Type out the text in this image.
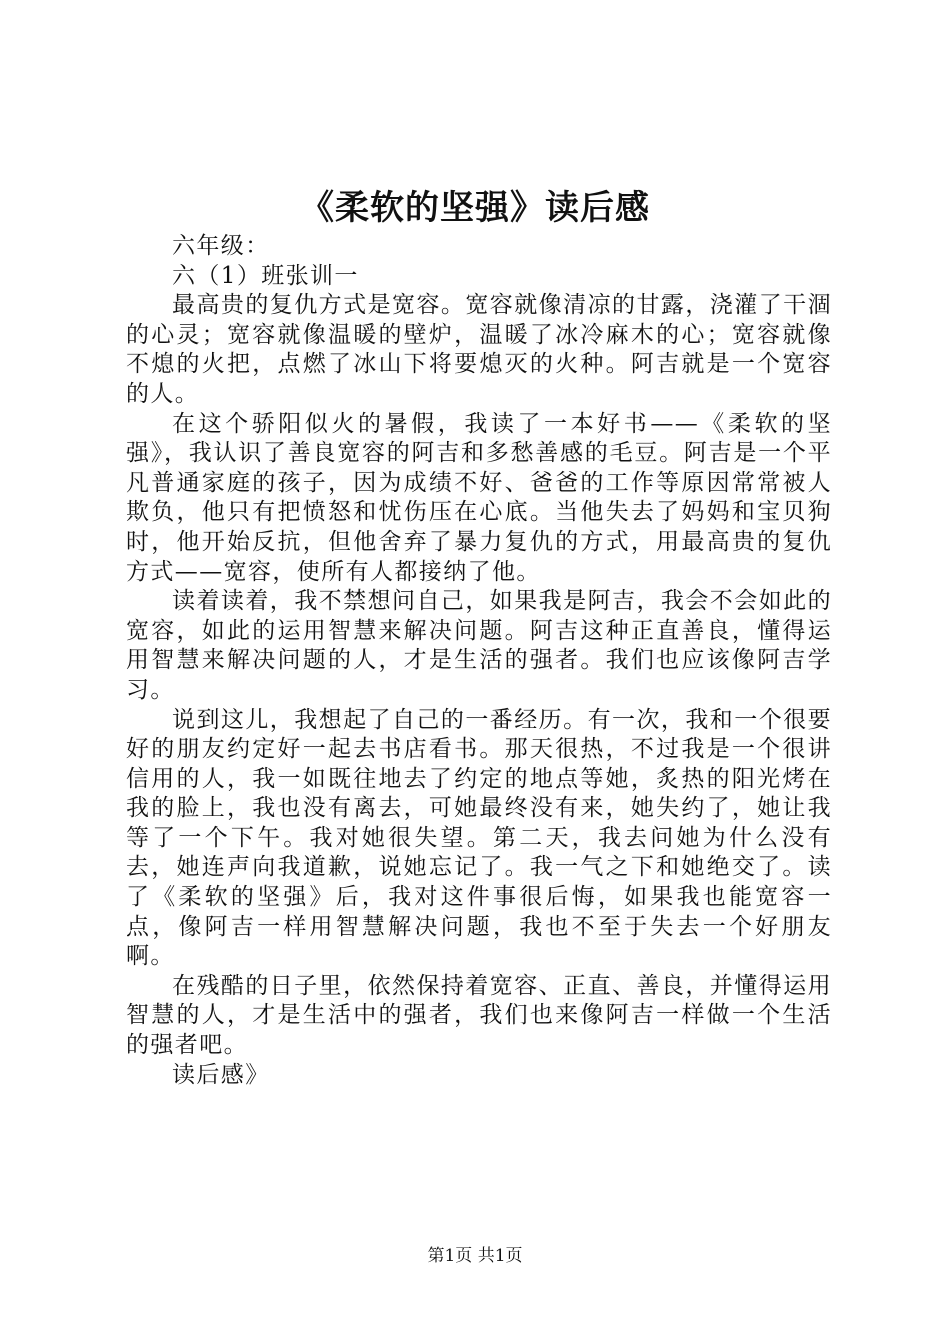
《柔软的坚强》读后感

六年级：

六（1）班张训一

最高贵的复仇方式是宽容。宽容就像清凉的甘露，浇灌了干涸的心灵；宽容就像温暖的壁炉，温暖了冰冷麻木的心；宽容就像不熄的火把，点燃了冰山下将要熄灭的火种。阿吉就是一个宽容的人。

在这个骄阳似火的暑假，我读了一本好书——《柔软的坚强》，我认识了善良宽容的阿吉和多愁善感的毛豆。阿吉是一个平凡普通家庭的孩子，因为成绩不好、爸爸的工作等原因常常被人欺负，他只有把愤怒和忧伤压在心底。当他失去了妈妈和宝贝狗时，他开始反抗，但他舍弃了暴力复仇的方式，用最高贵的复仇方式——宽容，使所有人都接纳了他。

读着读着，我不禁想问自己，如果我是阿吉，我会不会如此的宽容，如此的运用智慧来解决问题。阿吉这种正直善良，懂得运用智慧来解决问题的人，才是生活的强者。我们也应该像阿吉学习。

说到这儿，我想起了自己的一番经历。有一次，我和一个很要好的朋友约定好一起去书店看书。那天很热，不过我是一个很讲信用的人，我一如既往地去了约定的地点等她，炙热的阳光烤在我的脸上，我也没有离去，可她最终没有来，她失约了，她让我等了一个下午。我对她很失望。第二天，我去问她为什么没有去，她连声向我道歉，说她忘记了。我一气之下和她绝交了。读了《柔软的坚强》后，我对这件事很后悔，如果我也能宽容一点，像阿吉一样用智慧解决问题，我也不至于失去一个好朋友啊。

在残酷的日子里，依然保持着宽容、正直、善良，并懂得运用智慧的人，才是生活中的强者，我们也来像阿吉一样做一个生活的强者吧。

读后感》

第1页 共1页
